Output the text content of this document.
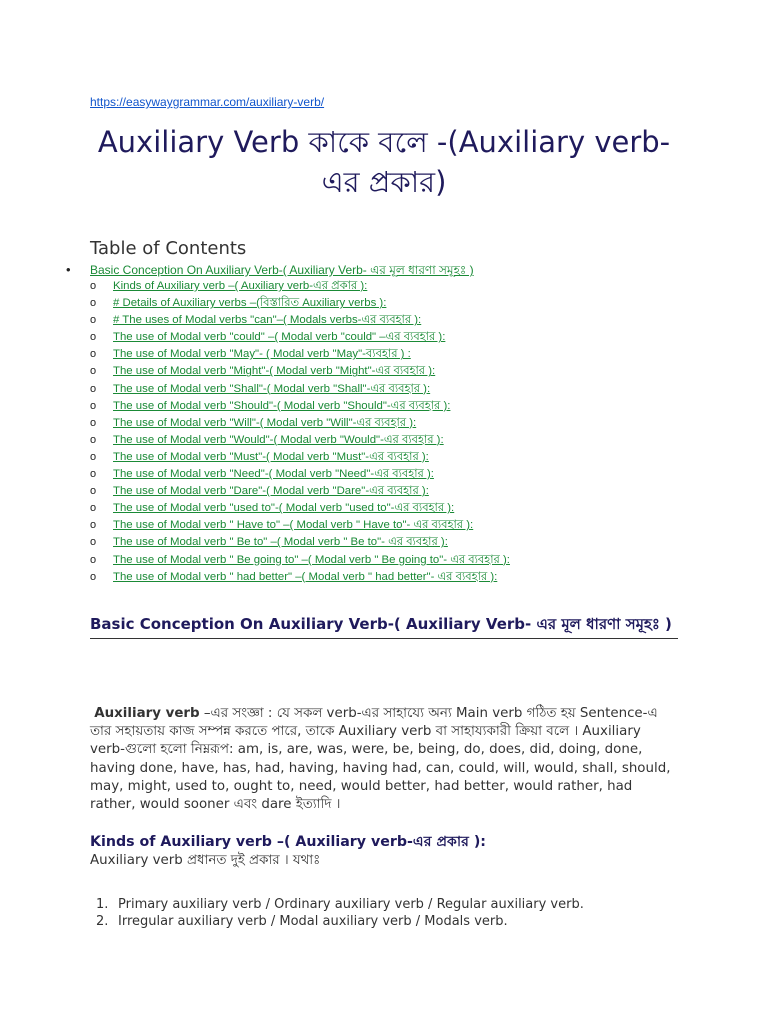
https://easywaygrammar.com/auxiliary-verb/
Auxiliary Verb কাকে বলে -(Auxiliary verb-এর প্রকার)
Table of Contents
• Basic Conception On Auxiliary Verb-( Auxiliary Verb- এর মূল ধারণা সমূহঃ )
o Kinds of Auxiliary verb –( Auxiliary verb-এর প্রকার ):
o # Details of Auxiliary verbs –(বিস্তারিত Auxiliary verbs ):
o # The uses of Modal verbs "can"–( Modals verbs-এর ব্যবহার ):
o The use of Modal verb "could" –( Modal verb "could" –এর ব্যবহার ):
o The use of Modal verb "May"- ( Modal verb "May"-ব্যবহার ) :
o The use of Modal verb "Might"-( Modal verb "Might"-এর ব্যবহার ):
o The use of Modal verb "Shall"-( Modal verb "Shall"-এর ব্যবহার ):
o The use of Modal verb "Should"-( Modal verb "Should"-এর ব্যবহার ):
o The use of Modal verb "Will"-( Modal verb "Will"-এর ব্যবহার ):
o The use of Modal verb "Would"-( Modal verb "Would"-এর ব্যবহার ):
o The use of Modal verb "Must"-( Modal verb "Must"-এর ব্যবহার ):
o The use of Modal verb "Need"-( Modal verb "Need"-এর ব্যবহার ):
o The use of Modal verb "Dare"-( Modal verb "Dare"-এর ব্যবহার ):
o The use of Modal verb "used to"-( Modal verb "used to"-এর ব্যবহার ):
o The use of Modal verb " Have to" –( Modal verb " Have to"- এর ব্যবহার ):
o The use of Modal verb " Be to" –( Modal verb " Be to"- এর ব্যবহার ):
o The use of Modal verb " Be going to" –( Modal verb " Be going to"- এর ব্যবহার ):
o The use of Modal verb " had better" –( Modal verb " had better"- এর ব্যবহার ):
Basic Conception On Auxiliary Verb-( Auxiliary Verb- এর মূল ধারণা সমূহঃ )

Auxiliary verb –এর সংজ্ঞা : যে সকল verb-এর সাহায্যে অন্য Main verb গঠিত হয় Sentence-এ তার সহায়তায় কাজ সম্পন্ন করতে পারে, তাকে Auxiliary verb বা সাহায্যকারী ক্রিয়া বলে । Auxiliary verb-গুলো হলো নিম্নরূপ: am, is, are, was, were, be, being, do, does, did, doing, done, having done, have, has, had, having, having had, can, could, will, would, shall, should, may, might, used to, ought to, need, would better, had better, would rather, had rather, would sooner এবং dare ইত্যাদি ।

Kinds of Auxiliary verb –( Auxiliary verb-এর প্রকার ):
Auxiliary verb প্রধানত দুই প্রকার । যথাঃ
1. Primary auxiliary verb / Ordinary auxiliary verb / Regular auxiliary verb.
2. Irregular auxiliary verb / Modal auxiliary verb / Modals verb.
